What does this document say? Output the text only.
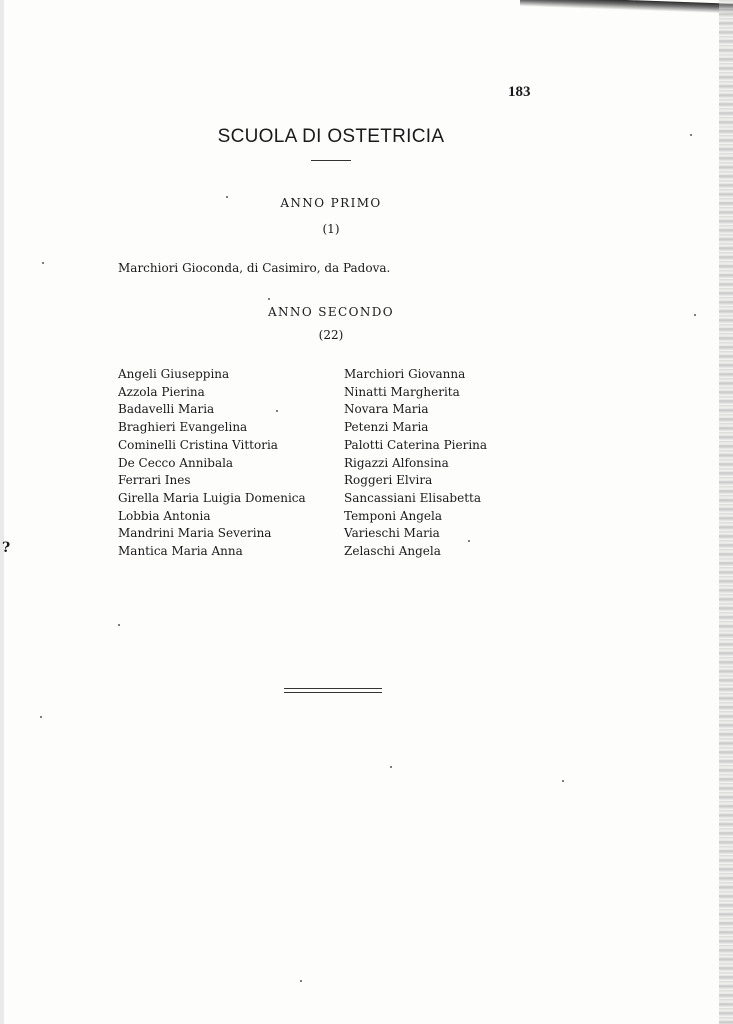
183
SCUOLA DI OSTETRICIA
ANNO PRIMO
(1)
Marchiori Gioconda, di Casimiro, da Padova.
ANNO SECONDO
(22)
Angeli Giuseppina
Azzola Pierina
Badavelli Maria
Braghieri Evangelina
Cominelli Cristina Vittoria
De Cecco Annibala
Ferrari Ines
Girella Maria Luigia Domenica
Lobbia Antonia
Mandrini Maria Severina
Mantica Maria Anna
Marchiori Giovanna
Ninatti Margherita
Novara Maria
Petenzi Maria
Palotti Caterina Pierina
Rigazzi Alfonsina
Roggeri Elvira
Sancassiani Elisabetta
Temponi Angela
Varieschi Maria
Zelaschi Angela
?
